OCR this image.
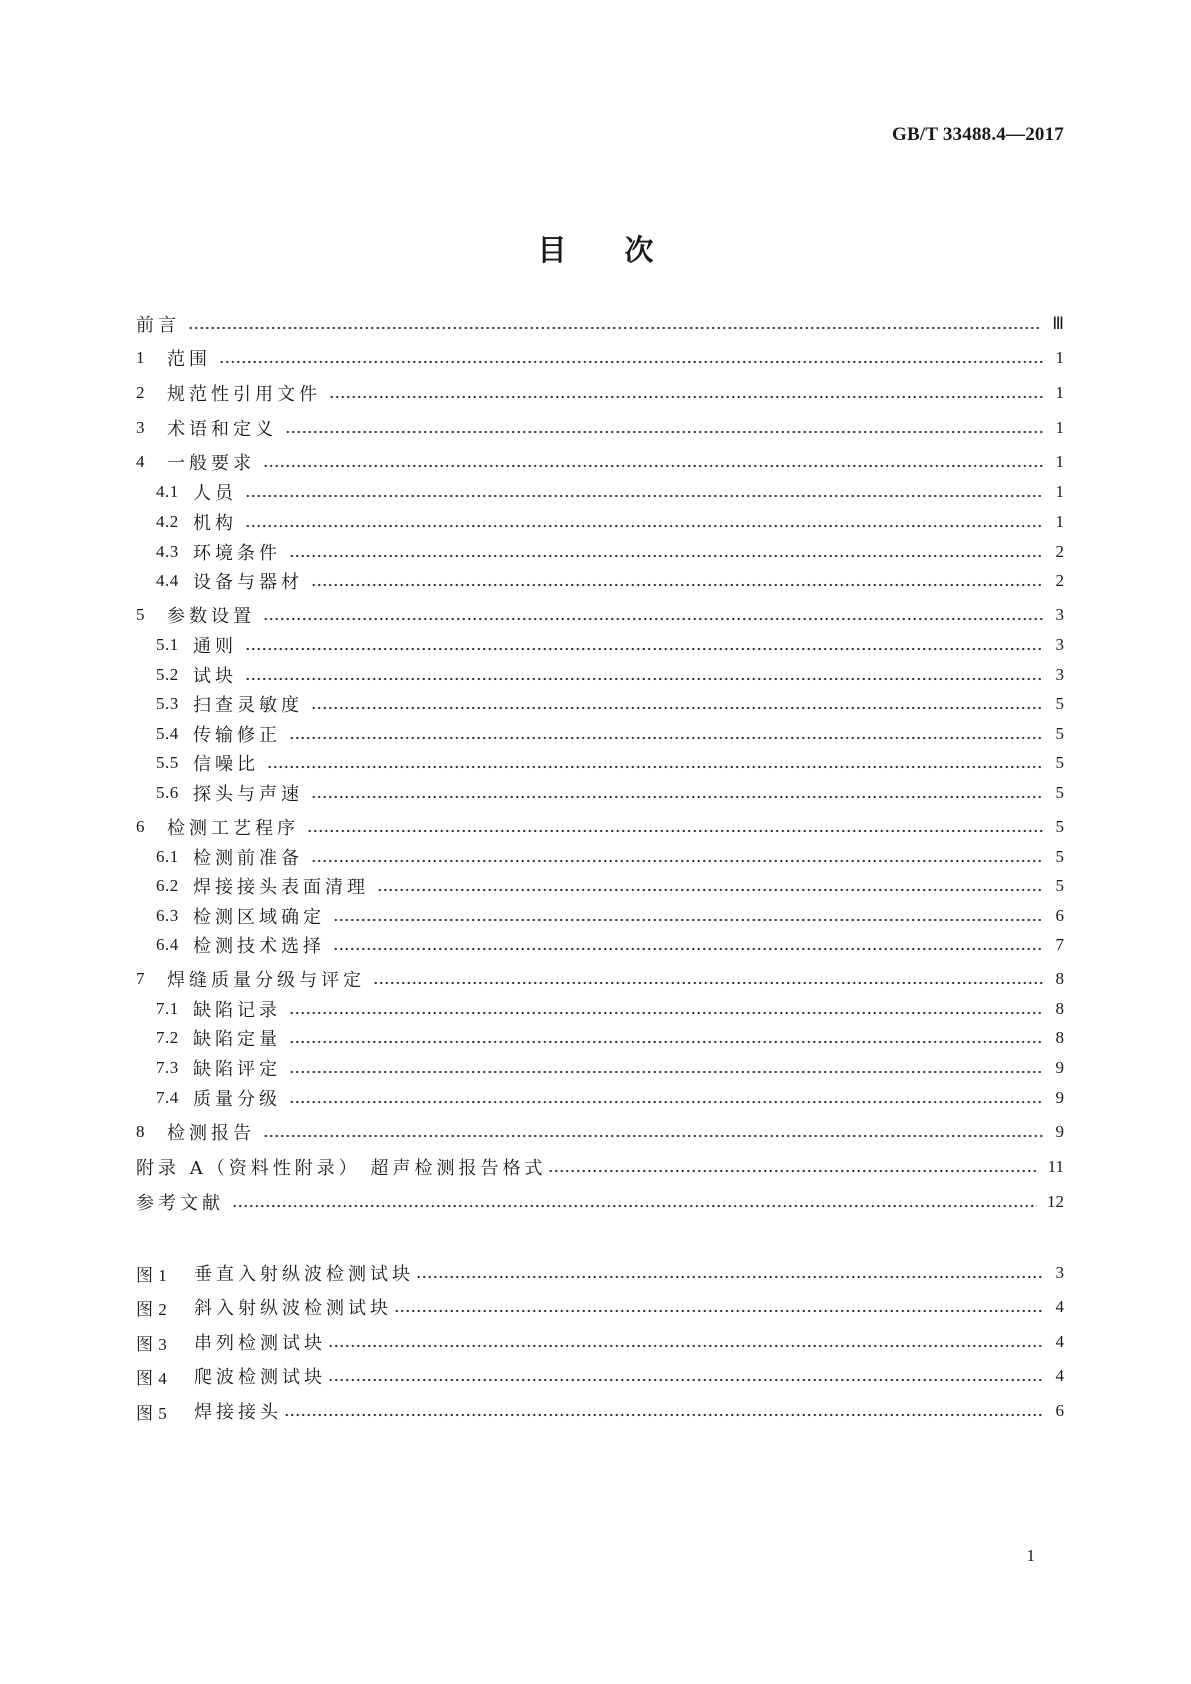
GB/T 33488.4—2017
目次
前言	Ⅲ
1	范围	1
2	规范性引用文件	1
3	术语和定义	1
4	一般要求	1
4.1 人员	1
4.2 机构	1
4.3 环境条件	2
4.4 设备与器材	2
5	参数设置	3
5.1 通则	3
5.2 试块	3
5.3 扫查灵敏度	5
5.4 传输修正	5
5.5 信噪比	5
5.6 探头与声速	5
6	检测工艺程序	5
6.1 检测前准备	5
6.2 焊接接头表面清理	5
6.3 检测区域确定	6
6.4 检测技术选择	7
7	焊缝质量分级与评定	8
7.1 缺陷记录	8
7.2 缺陷定量	8
7.3 缺陷评定	9
7.4 质量分级	9
8	检测报告	9
附录 A（资料性附录） 超声检测报告格式	11
参考文献	12
图 1	垂直入射纵波检测试块	3
图 2	斜入射纵波检测试块	4
图 3	串列检测试块	4
图 4	爬波检测试块	4
图 5	焊接接头	6
1
